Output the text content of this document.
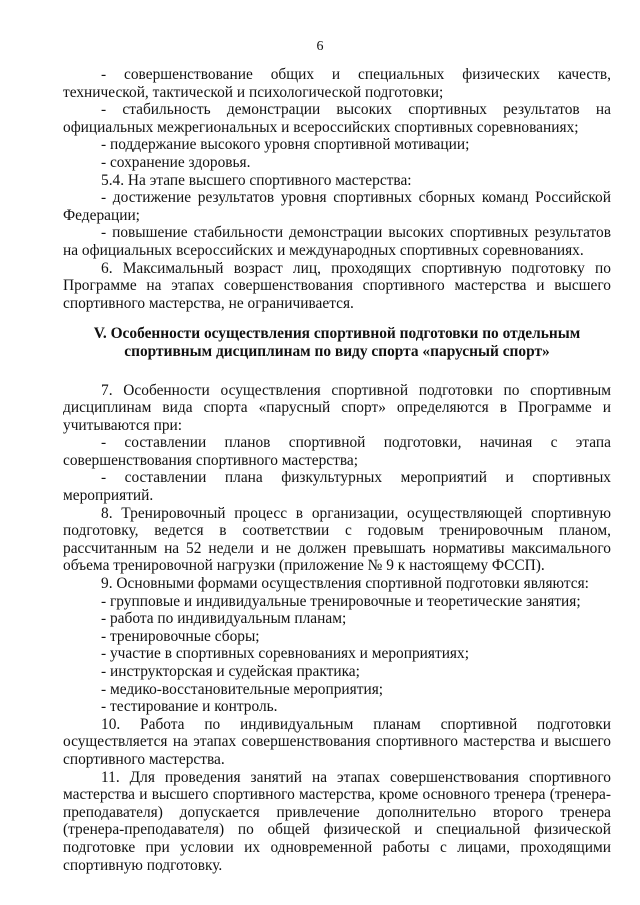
6

- совершенствование общих и специальных физических качеств, технической, тактической и психологической подготовки;

- стабильность демонстрации высоких спортивных результатов на официальных межрегиональных и всероссийских спортивных соревнованиях;

- поддержание высокого уровня спортивной мотивации;

- сохранение здоровья.

5.4. На этапе высшего спортивного мастерства:

- достижение результатов уровня спортивных сборных команд Российской Федерации;

- повышение стабильности демонстрации высоких спортивных результатов на официальных всероссийских и международных спортивных соревнованиях.

6. Максимальный возраст лиц, проходящих спортивную подготовку по Программе на этапах совершенствования спортивного мастерства и высшего спортивного мастерства, не ограничивается.

V. Особенности осуществления спортивной подготовки по отдельным
спортивным дисциплинам по виду спорта «парусный спорт»

7. Особенности осуществления спортивной подготовки по спортивным дисциплинам вида спорта «парусный спорт» определяются в Программе и учитываются при:

- составлении планов спортивной подготовки, начиная с этапа совершенствования спортивного мастерства;

- составлении плана физкультурных мероприятий и спортивных мероприятий.

8. Тренировочный процесс в организации, осуществляющей спортивную подготовку, ведется в соответствии с годовым тренировочным планом, рассчитанным на 52 недели и не должен превышать нормативы максимального объема тренировочной нагрузки (приложение № 9 к настоящему ФССП).

9. Основными формами осуществления спортивной подготовки являются:

- групповые и индивидуальные тренировочные и теоретические занятия;

- работа по индивидуальным планам;

- тренировочные сборы;

- участие в спортивных соревнованиях и мероприятиях;

- инструкторская и судейская практика;

- медико-восстановительные мероприятия;

- тестирование и контроль.

10. Работа по индивидуальным планам спортивной подготовки осуществляется на этапах совершенствования спортивного мастерства и высшего спортивного мастерства.

11. Для проведения занятий на этапах совершенствования спортивного мастерства и высшего спортивного мастерства, кроме основного тренера (тренера-преподавателя) допускается привлечение дополнительно второго тренера (тренера-преподавателя) по общей физической и специальной физической подготовке при условии их одновременной работы с лицами, проходящими спортивную подготовку.
